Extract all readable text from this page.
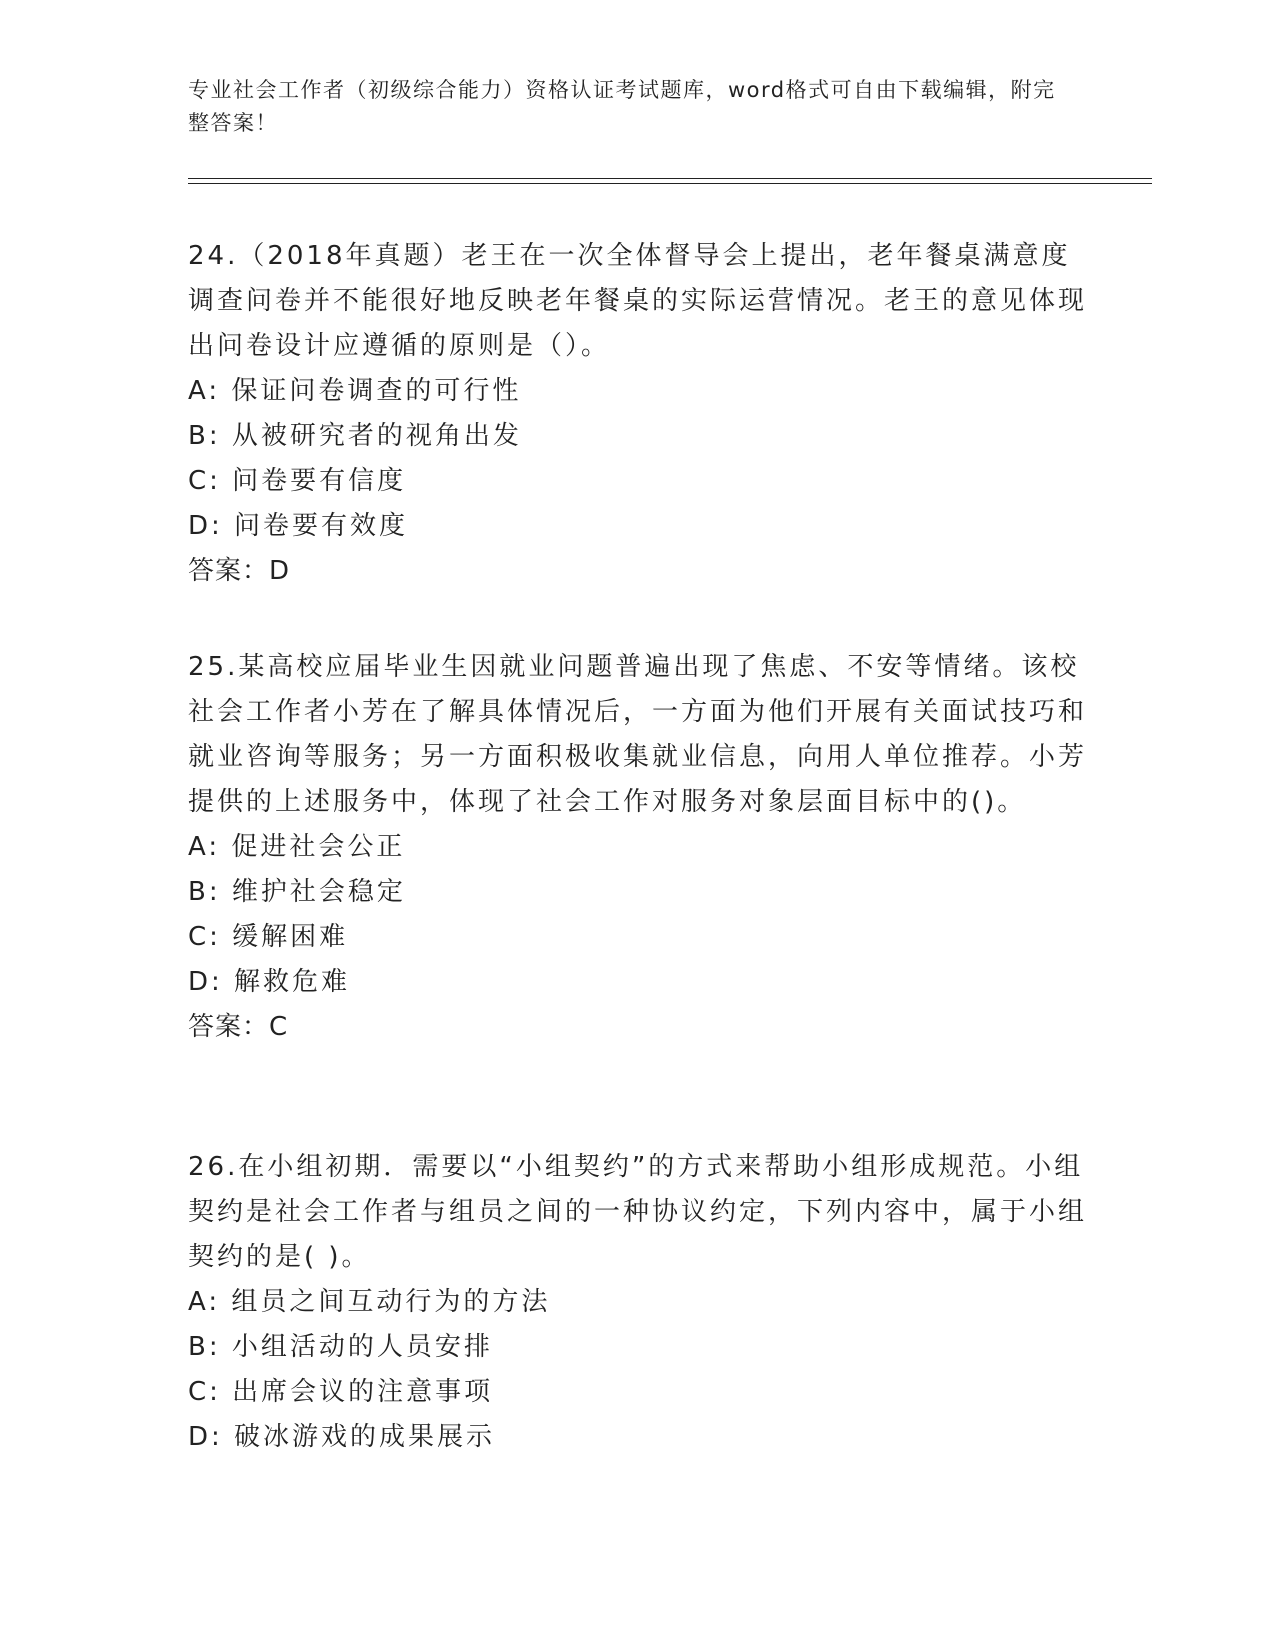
专业社会工作者（初级综合能力）资格认证考试题库，word格式可自由下载编辑，附完整答案！
24.（2018年真题）老王在一次全体督导会上提出，老年餐桌满意度调查问卷并不能很好地反映老年餐桌的实际运营情况。老王的意见体现出问卷设计应遵循的原则是（）。
A: 保证问卷调查的可行性
B: 从被研究者的视角出发
C: 问卷要有信度
D: 问卷要有效度
答案：D
25.某高校应届毕业生因就业问题普遍出现了焦虑、不安等情绪。该校社会工作者小芳在了解具体情况后，一方面为他们开展有关面试技巧和就业咨询等服务；另一方面积极收集就业信息，向用人单位推荐。小芳提供的上述服务中，体现了社会工作对服务对象层面目标中的()。
A: 促进社会公正
B: 维护社会稳定
C: 缓解困难
D: 解救危难
答案：C
26.在小组初期．需要以“小组契约”的方式来帮助小组形成规范。小组契约是社会工作者与组员之间的一种协议约定，下列内容中，属于小组契约的是( )。
A: 组员之间互动行为的方法
B: 小组活动的人员安排
C: 出席会议的注意事项
D: 破冰游戏的成果展示
